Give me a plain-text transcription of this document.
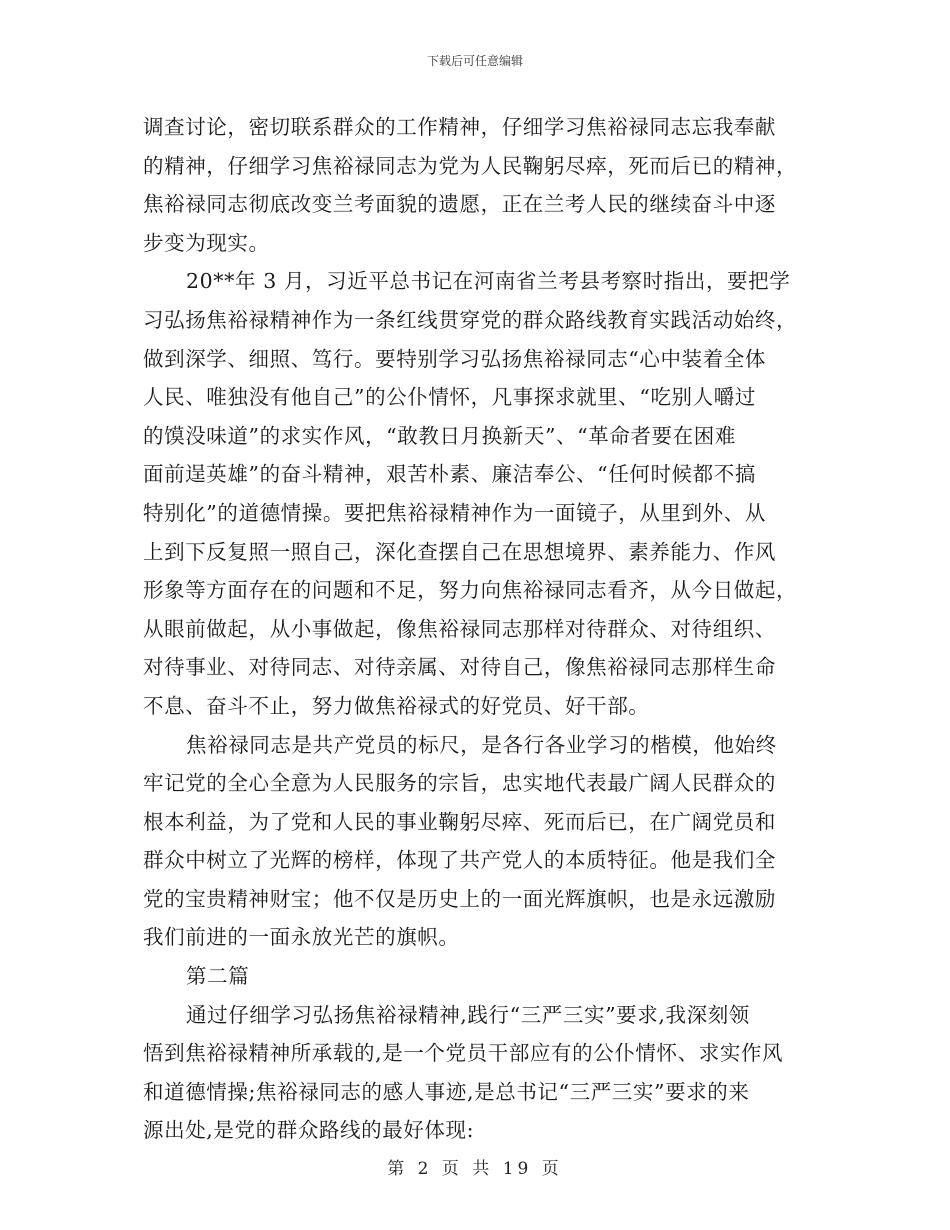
下载后可任意编辑
调查讨论，密切联系群众的工作精神，仔细学习焦裕禄同志忘我奉献
的精神，仔细学习焦裕禄同志为党为人民鞠躬尽瘁，死而后已的精神，
焦裕禄同志彻底改变兰考面貌的遗愿，正在兰考人民的继续奋斗中逐
步变为现实。
20**年 3 月，习近平总书记在河南省兰考县考察时指出，要把学
习弘扬焦裕禄精神作为一条红线贯穿党的群众路线教育实践活动始终，
做到深学、细照、笃行。要特别学习弘扬焦裕禄同志“心中装着全体
人民、唯独没有他自己”的公仆情怀，凡事探求就里、“吃别人嚼过
的馍没味道”的求实作风，“敢教日月换新天”、“革命者要在困难
面前逞英雄”的奋斗精神，艰苦朴素、廉洁奉公、“任何时候都不搞
特别化”的道德情操。要把焦裕禄精神作为一面镜子，从里到外、从
上到下反复照一照自己，深化查摆自己在思想境界、素养能力、作风
形象等方面存在的问题和不足，努力向焦裕禄同志看齐，从今日做起，
从眼前做起，从小事做起，像焦裕禄同志那样对待群众、对待组织、
对待事业、对待同志、对待亲属、对待自己，像焦裕禄同志那样生命
不息、奋斗不止，努力做焦裕禄式的好党员、好干部。
焦裕禄同志是共产党员的标尺，是各行各业学习的楷模，他始终
牢记党的全心全意为人民服务的宗旨，忠实地代表最广阔人民群众的
根本利益，为了党和人民的事业鞠躬尽瘁、死而后已，在广阔党员和
群众中树立了光辉的榜样，体现了共产党人的本质特征。他是我们全
党的宝贵精神财宝；他不仅是历史上的一面光辉旗帜，也是永远激励
我们前进的一面永放光芒的旗帜。
第二篇
通过仔细学习弘扬焦裕禄精神,践行“三严三实”要求,我深刻领
悟到焦裕禄精神所承载的,是一个党员干部应有的公仆情怀、求实作风
和道德情操;焦裕禄同志的感人事迹,是总书记“三严三实”要求的来
源出处,是党的群众路线的最好体现:
第 2 页 共 19 页
